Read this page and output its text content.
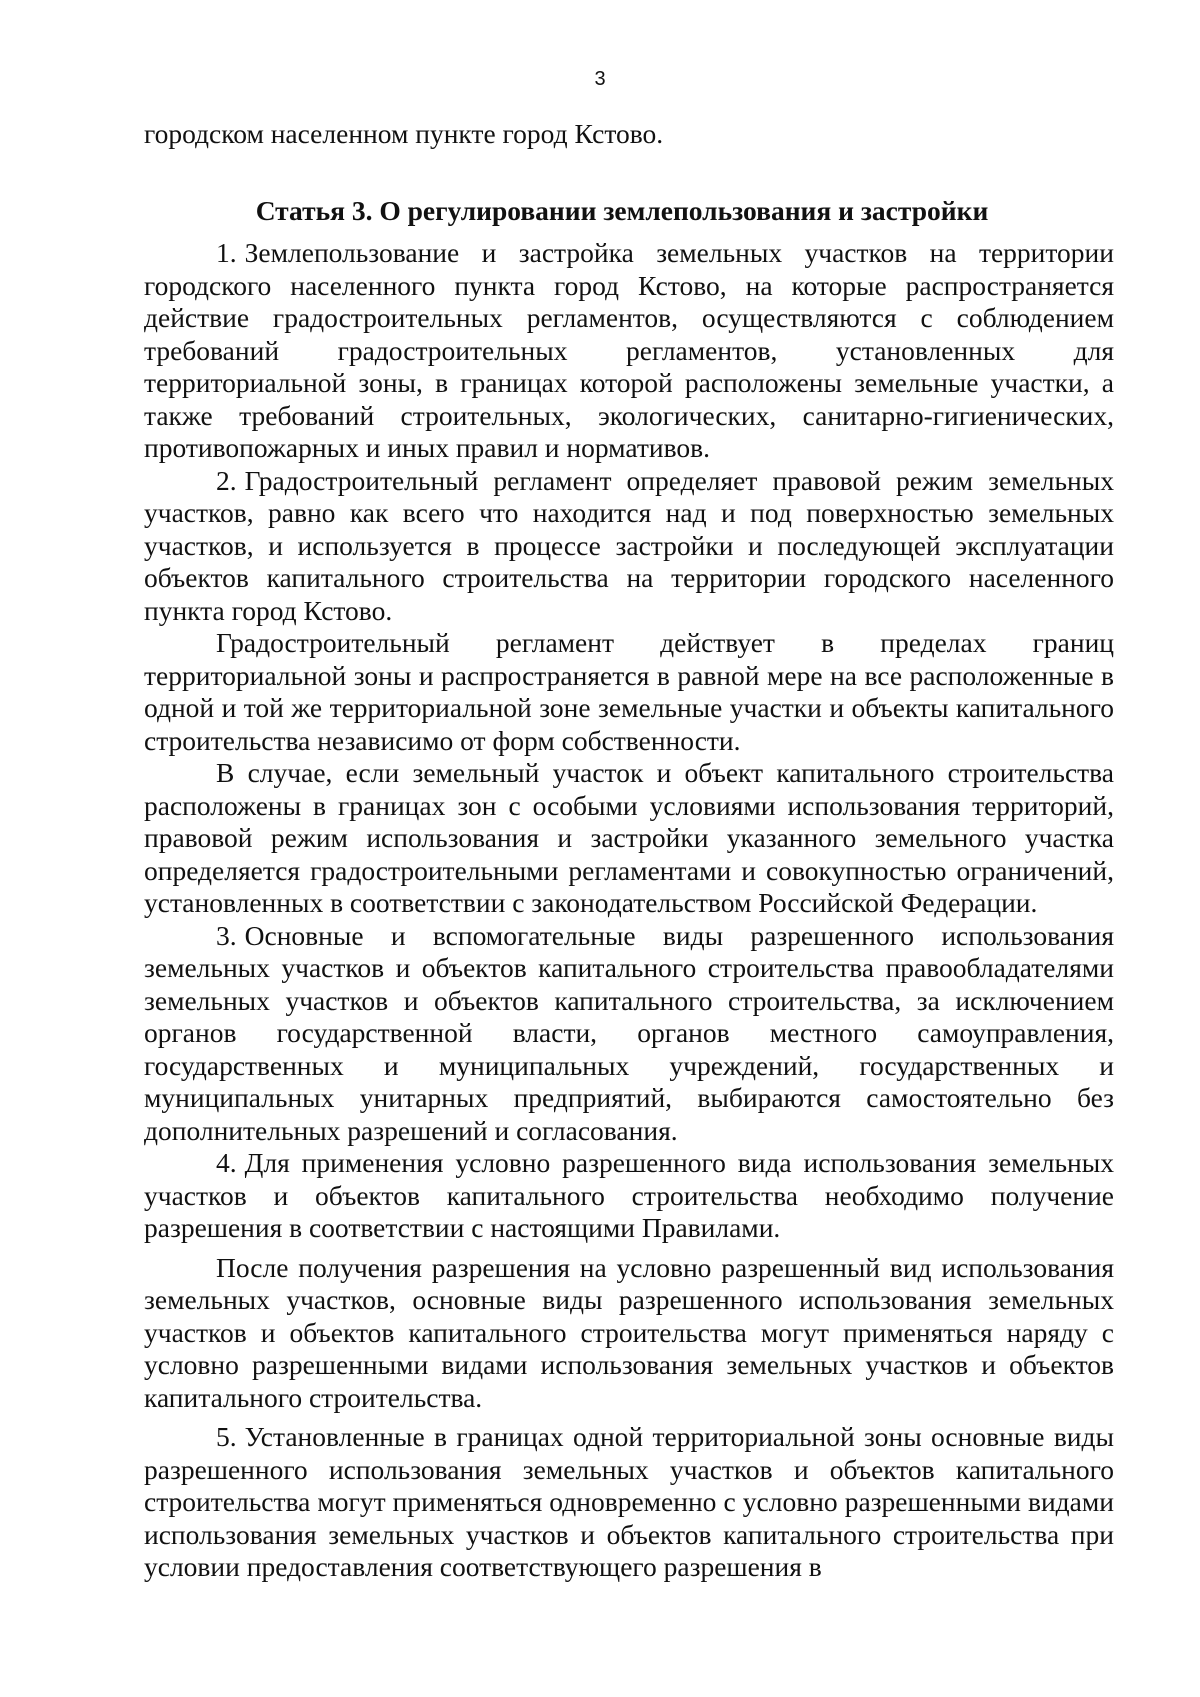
3

городском населенном пункте город Кстово.

Статья 3. О регулировании землепользования и застройки

1. Землепользование и застройка земельных участков на территории городского населенного пункта город Кстово, на которые распространяется действие градостроительных регламентов, осуществляются с соблюдением требований градостроительных регламентов, установленных для территориальной зоны, в границах которой расположены земельные участки, а также требований строительных, экологических, санитарно-гигиенических, противопожарных и иных правил и нормативов.

2. Градостроительный регламент определяет правовой режим земельных участков, равно как всего что находится над и под поверхностью земельных участков, и используется в процессе застройки и последующей эксплуатации объектов капитального строительства на территории городского населенного пункта город Кстово.

Градостроительный регламент действует в пределах границ территориальной зоны и распространяется в равной мере на все расположенные в одной и той же территориальной зоне земельные участки и объекты капитального строительства независимо от форм собственности.

В случае, если земельный участок и объект капитального строительства расположены в границах зон с особыми условиями использования территорий, правовой режим использования и застройки указанного земельного участка определяется градостроительными регламентами и совокупностью ограничений, установленных в соответствии с законодательством Российской Федерации.

3. Основные и вспомогательные виды разрешенного использования земельных участков и объектов капитального строительства правообладателями земельных участков и объектов капитального строительства, за исключением органов государственной власти, органов местного самоуправления, государственных и муниципальных учреждений, государственных и муниципальных унитарных предприятий, выбираются самостоятельно без дополнительных разрешений и согласования.

4. Для применения условно разрешенного вида использования земельных участков и объектов капитального строительства необходимо получение разрешения в соответствии с настоящими Правилами.

После получения разрешения на условно разрешенный вид использования земельных участков, основные виды разрешенного использования земельных участков и объектов капитального строительства могут применяться наряду с условно разрешенными видами использования земельных участков и объектов капитального строительства.

5. Установленные в границах одной территориальной зоны основные виды разрешенного использования земельных участков и объектов капитального строительства могут применяться одновременно с условно разрешенными видами использования земельных участков и объектов капитального строительства при условии предоставления соответствующего разрешения в
